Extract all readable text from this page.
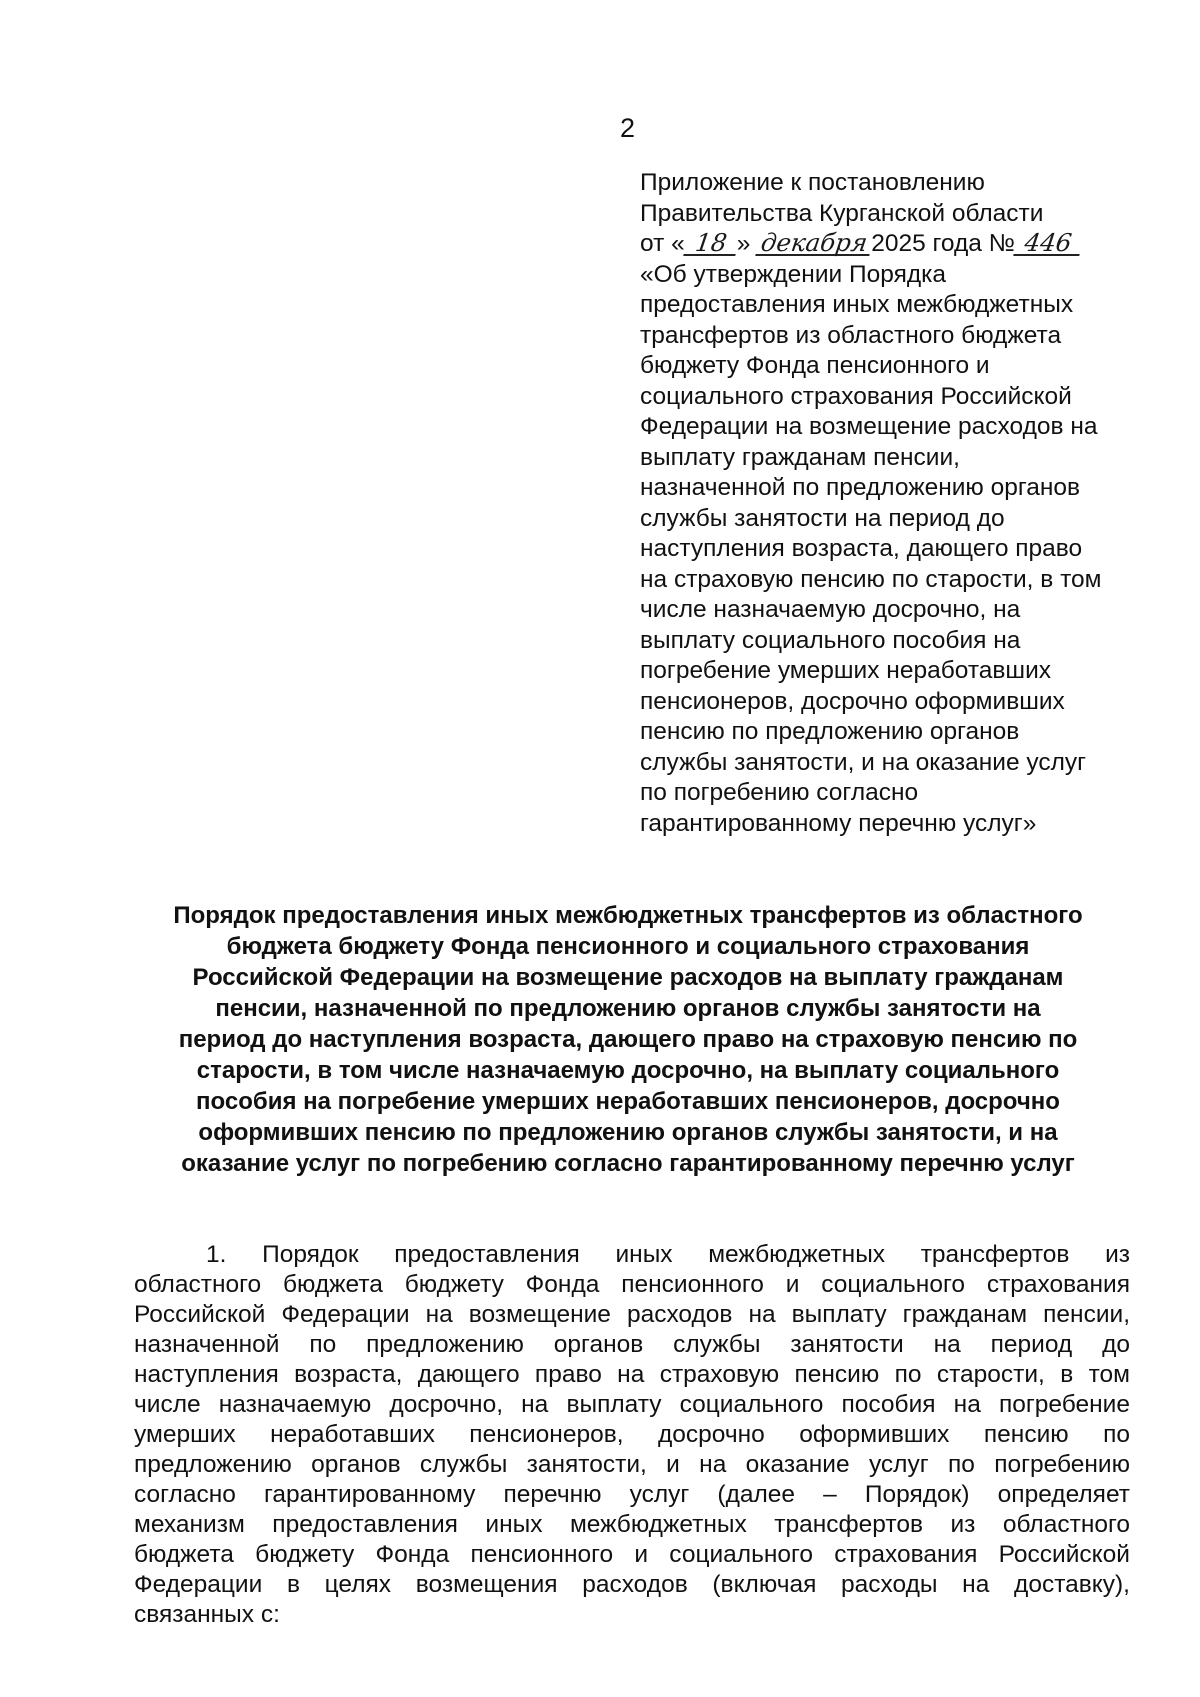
2
Приложение к постановлению
Правительства Курганской области
от « 18 » декабря2025 года № 446
«Об утверждении Порядка
предоставления иных межбюджетных
трансфертов из областного бюджета
бюджету Фонда пенсионного и
социального страхования Российской
Федерации на возмещение расходов на
выплату гражданам пенсии,
назначенной по предложению органов
службы занятости на период до
наступления возраста, дающего право
на страховую пенсию по старости, в том
числе назначаемую досрочно, на
выплату социального пособия на
погребение умерших неработавших
пенсионеров, досрочно оформивших
пенсию по предложению органов
службы занятости, и на оказание услуг
по погребению согласно
гарантированному перечню услуг»
Порядок предоставления иных межбюджетных трансфертов из областного
бюджета бюджету Фонда пенсионного и социального страхования
Российской Федерации на возмещение расходов на выплату гражданам
пенсии, назначенной по предложению органов службы занятости на
период до наступления возраста, дающего право на страховую пенсию по
старости, в том числе назначаемую досрочно, на выплату социального
пособия на погребение умерших неработавших пенсионеров, досрочно
оформивших пенсию по предложению органов службы занятости, и на
оказание услуг по погребению согласно гарантированному перечню услуг
1. Порядок предоставления иных межбюджетных трансфертов из
областного бюджета бюджету Фонда пенсионного и социального страхования
Российской Федерации на возмещение расходов на выплату гражданам пенсии,
назначенной по предложению органов службы занятости на период до
наступления возраста, дающего право на страховую пенсию по старости, в том
числе назначаемую досрочно, на выплату социального пособия на погребение
умерших неработавших пенсионеров, досрочно оформивших пенсию по
предложению органов службы занятости, и на оказание услуг по погребению
согласно гарантированному перечню услуг (далее – Порядок) определяет
механизм предоставления иных межбюджетных трансфертов из областного
бюджета бюджету Фонда пенсионного и социального страхования Российской
Федерации в целях возмещения расходов (включая расходы на доставку),
связанных с:
